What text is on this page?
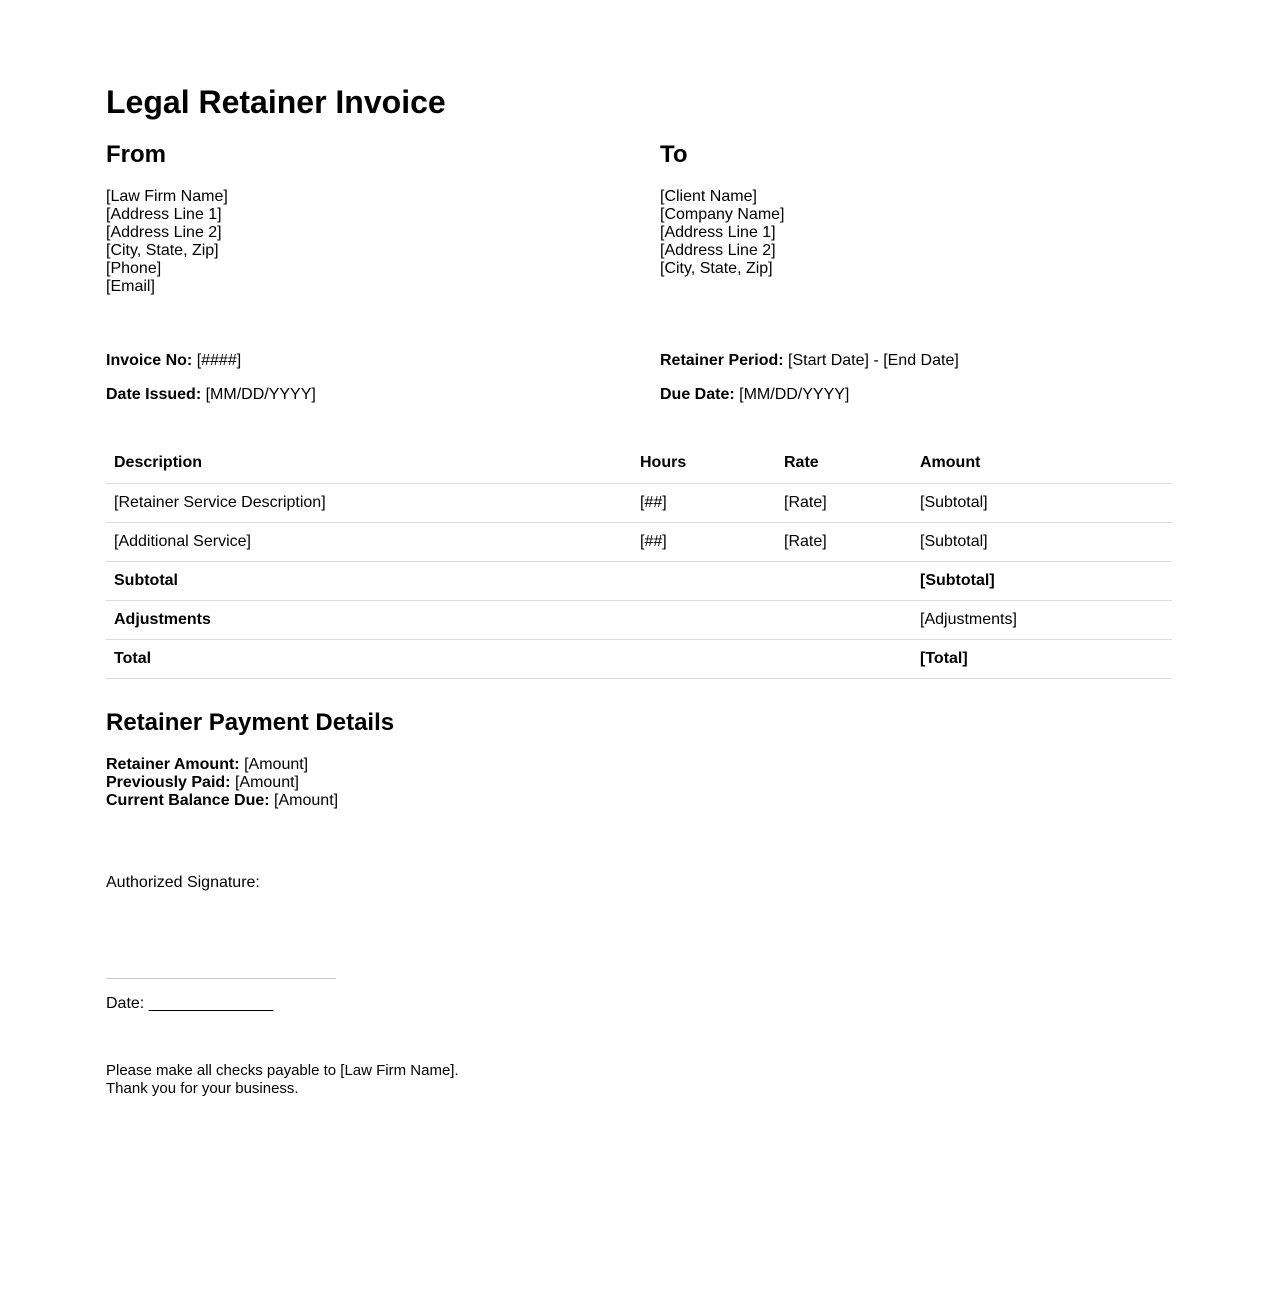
Legal Retainer Invoice
From
[Law Firm Name]
[Address Line 1]
[Address Line 2]
[City, State, Zip]
[Phone]
[Email]
To
[Client Name]
[Company Name]
[Address Line 1]
[Address Line 2]
[City, State, Zip]
Invoice No: [####]
Date Issued: [MM/DD/YYYY]
Retainer Period: [Start Date] - [End Date]
Due Date: [MM/DD/YYYY]
Description	Hours	Rate	Amount
[Retainer Service Description]	[##]	[Rate]	[Subtotal]
[Additional Service]	[##]	[Rate]	[Subtotal]
Subtotal			[Subtotal]
Adjustments			[Adjustments]
Total			[Total]
Retainer Payment Details
Retainer Amount: [Amount]
Previously Paid: [Amount]
Current Balance Due: [Amount]
Authorized Signature:
Date: ______________
Please make all checks payable to [Law Firm Name].
Thank you for your business.
